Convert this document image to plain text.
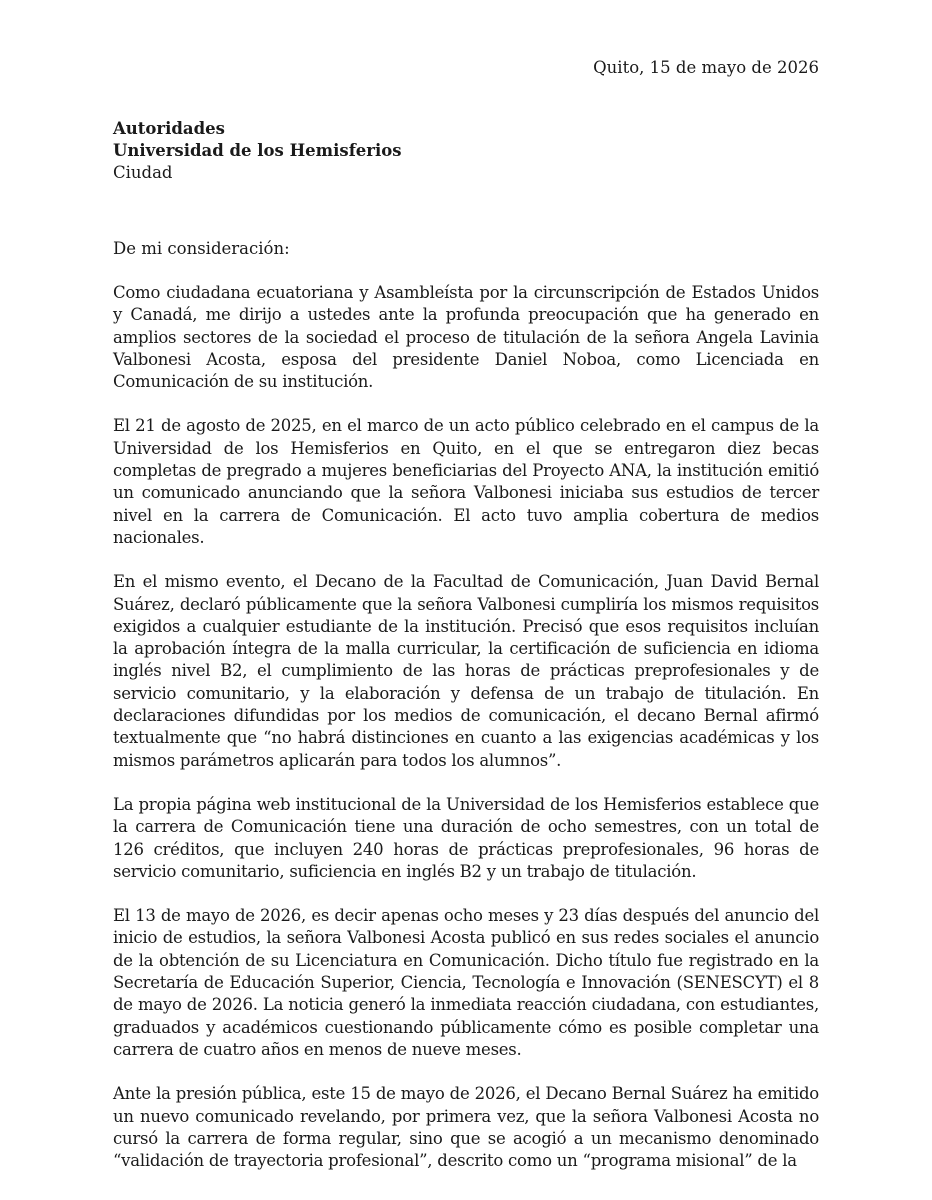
Quito, 15 de mayo de 2026

Autoridades
Universidad de los Hemisferios
Ciudad

De mi consideración:

Como ciudadana ecuatoriana y Asambleísta por la circunscripción de Estados Unidos y Canadá, me dirijo a ustedes ante la profunda preocupación que ha generado en amplios sectores de la sociedad el proceso de titulación de la señora Angela Lavinia Valbonesi Acosta, esposa del presidente Daniel Noboa, como Licenciada en Comunicación de su institución.

El 21 de agosto de 2025, en el marco de un acto público celebrado en el campus de la Universidad de los Hemisferios en Quito, en el que se entregaron diez becas completas de pregrado a mujeres beneficiarias del Proyecto ANA, la institución emitió un comunicado anunciando que la señora Valbonesi iniciaba sus estudios de tercer nivel en la carrera de Comunicación. El acto tuvo amplia cobertura de medios nacionales.

En el mismo evento, el Decano de la Facultad de Comunicación, Juan David Bernal Suárez, declaró públicamente que la señora Valbonesi cumpliría los mismos requisitos exigidos a cualquier estudiante de la institución. Precisó que esos requisitos incluían la aprobación íntegra de la malla curricular, la certificación de suficiencia en idioma inglés nivel B2, el cumplimiento de las horas de prácticas preprofesionales y de servicio comunitario, y la elaboración y defensa de un trabajo de titulación. En declaraciones difundidas por los medios de comunicación, el decano Bernal afirmó textualmente que “no habrá distinciones en cuanto a las exigencias académicas y los mismos parámetros aplicarán para todos los alumnos”.

La propia página web institucional de la Universidad de los Hemisferios establece que la carrera de Comunicación tiene una duración de ocho semestres, con un total de 126 créditos, que incluyen 240 horas de prácticas preprofesionales, 96 horas de servicio comunitario, suficiencia en inglés B2 y un trabajo de titulación.

El 13 de mayo de 2026, es decir apenas ocho meses y 23 días después del anuncio del inicio de estudios, la señora Valbonesi Acosta publicó en sus redes sociales el anuncio de la obtención de su Licenciatura en Comunicación. Dicho título fue registrado en la Secretaría de Educación Superior, Ciencia, Tecnología e Innovación (SENESCYT) el 8 de mayo de 2026. La noticia generó la inmediata reacción ciudadana, con estudiantes, graduados y académicos cuestionando públicamente cómo es posible completar una carrera de cuatro años en menos de nueve meses.

Ante la presión pública, este 15 de mayo de 2026, el Decano Bernal Suárez ha emitido un nuevo comunicado revelando, por primera vez, que la señora Valbonesi Acosta no cursó la carrera de forma regular, sino que se acogió a un mecanismo denominado “validación de trayectoria profesional”, descrito como un “programa misional” de la
